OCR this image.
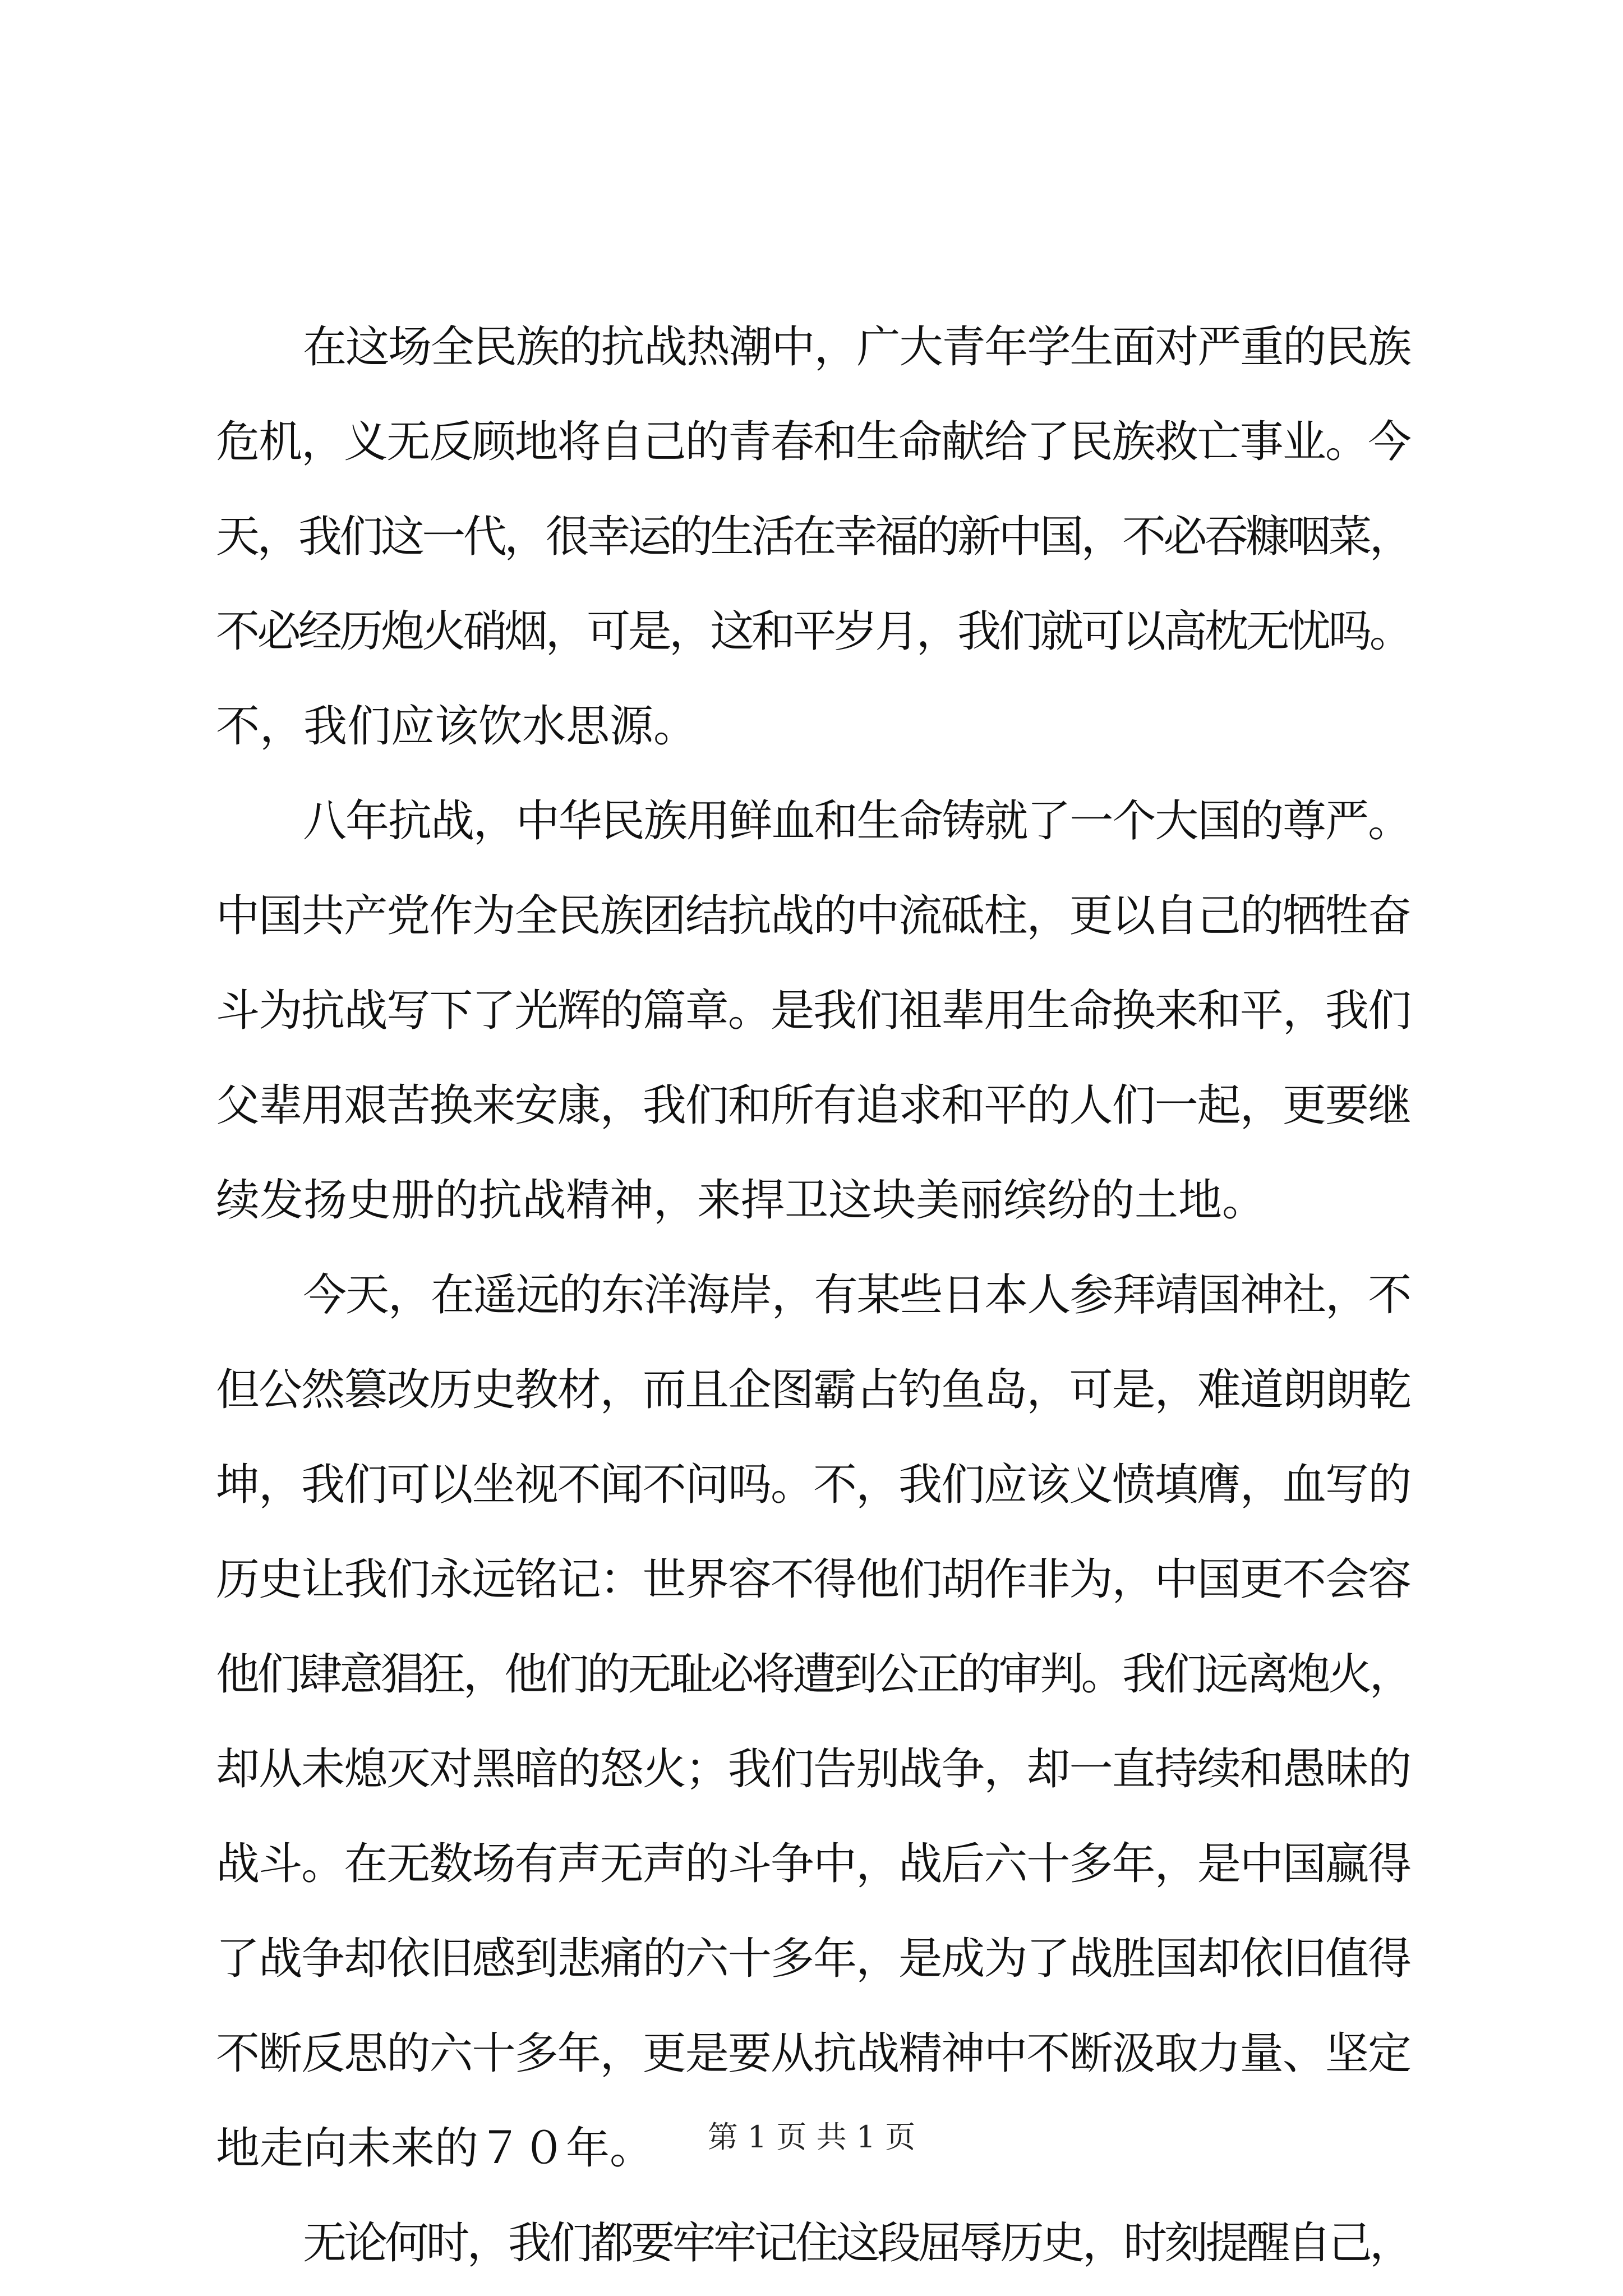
在这场全民族的抗战热潮中，广大青年学生面对严重的民族
危机，义无反顾地将自己的青春和生命献给了民族救亡事业。今
天，我们这一代，很幸运的生活在幸福的新中国，不必吞糠咽菜，
不必经历炮火硝烟，可是，这和平岁月，我们就可以高枕无忧吗。
不，我们应该饮水思源。
八年抗战，中华民族用鲜血和生命铸就了一个大国的尊严。
中国共产党作为全民族团结抗战的中流砥柱，更以自己的牺牲奋
斗为抗战写下了光辉的篇章。是我们祖辈用生命换来和平，我们
父辈用艰苦换来安康，我们和所有追求和平的人们一起，更要继
续发扬史册的抗战精神，来捍卫这块美丽缤纷的土地。
今天，在遥远的东洋海岸，有某些日本人参拜靖国神社，不
但公然篡改历史教材，而且企图霸占钓鱼岛，可是，难道朗朗乾
坤，我们可以坐视不闻不问吗。不，我们应该义愤填膺，血写的
历史让我们永远铭记：世界容不得他们胡作非为，中国更不会容
他们肆意猖狂，他们的无耻必将遭到公正的审判。我们远离炮火，
却从未熄灭对黑暗的怒火；我们告别战争，却一直持续和愚昧的
战斗。在无数场有声无声的斗争中，战后六十多年，是中国赢得
了战争却依旧感到悲痛的六十多年，是成为了战胜国却依旧值得
不断反思的六十多年，更是要从抗战精神中不断汲取力量、坚定
地走向未来的７０年。
无论何时，我们都要牢牢记住这段屈辱历史，时刻提醒自己，
第 1 页 共 1 页
